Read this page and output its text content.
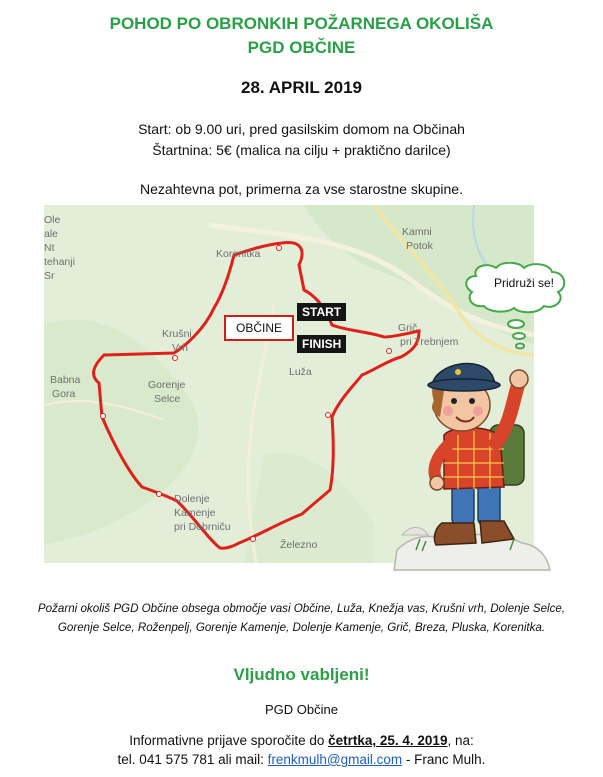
POHOD PO OBRONKIH POŽARNEGA OKOLIŠA
PGD OBČINE
28. APRIL 2019
Start: ob 9.00 uri, pred gasilskim domom na Občinah
Štartnina: 5€ (malica na cilju + praktično darilce)
Nezahtevna pot, primerna za vse starostne skupine.
Ole
ale
Nt
tehanji
Sr
Korenitka
Kamni
Potok
Krušni
Vrh
Gorenje
Selce
Babna
Gora
Luža
Grič
pri Trebnjem
Dolenje
Kamenje
pri Dobrniču
Železno
OBČINE
START
FINISH
Pridruži se!
Požarni okoliš PGD Občine obsega območje vasi Občine, Luža, Knežja vas, Krušni vrh, Dolenje Selce,
Gorenje Selce, Roženpelj, Gorenje Kamenje, Dolenje Kamenje, Grič, Breza, Pluska, Korenitka.
Vljudno vabljeni!
PGD Občine
Informativne prijave sporočite do četrtka, 25. 4. 2019, na:
tel. 041 575 781 ali mail: frenkmulh@gmail.com - Franc Mulh.
